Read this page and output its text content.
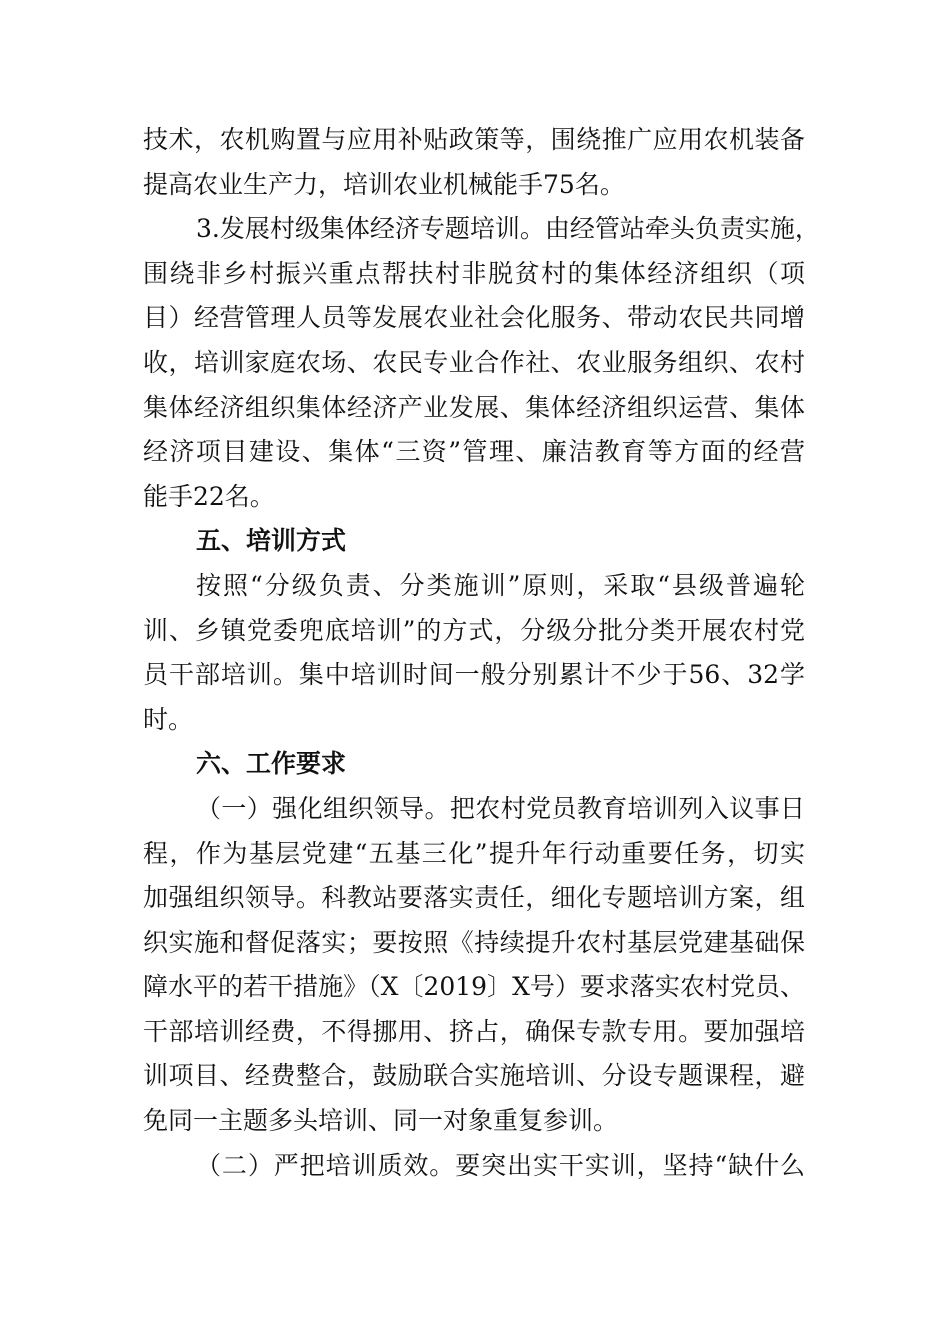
技术，农机购置与应用补贴政策等，围绕推广应用农机装备
提高农业生产力，培训农业机械能手75名。
3.发展村级集体经济专题培训。由经管站牵头负责实施，
围绕非乡村振兴重点帮扶村非脱贫村的集体经济组织（项
目）经营管理人员等发展农业社会化服务、带动农民共同增
收，培训家庭农场、农民专业合作社、农业服务组织、农村
集体经济组织集体经济产业发展、集体经济组织运营、集体
经济项目建设、集体“三资”管理、廉洁教育等方面的经营
能手22名。
五、培训方式
按照“分级负责、分类施训”原则，采取“县级普遍轮
训、乡镇党委兜底培训”的方式，分级分批分类开展农村党
员干部培训。集中培训时间一般分别累计不少于56、32学
时。
六、工作要求
（一）强化组织领导。把农村党员教育培训列入议事日
程，作为基层党建“五基三化”提升年行动重要任务，切实
加强组织领导。科教站要落实责任，细化专题培训方案，组
织实施和督促落实；要按照《持续提升农村基层党建基础保
障水平的若干措施》（X〔2019〕X号）要求落实农村党员、
干部培训经费，不得挪用、挤占，确保专款专用。要加强培
训项目、经费整合，鼓励联合实施培训、分设专题课程，避
免同一主题多头培训、同一对象重复参训。
（二）严把培训质效。要突出实干实训，坚持“缺什么
